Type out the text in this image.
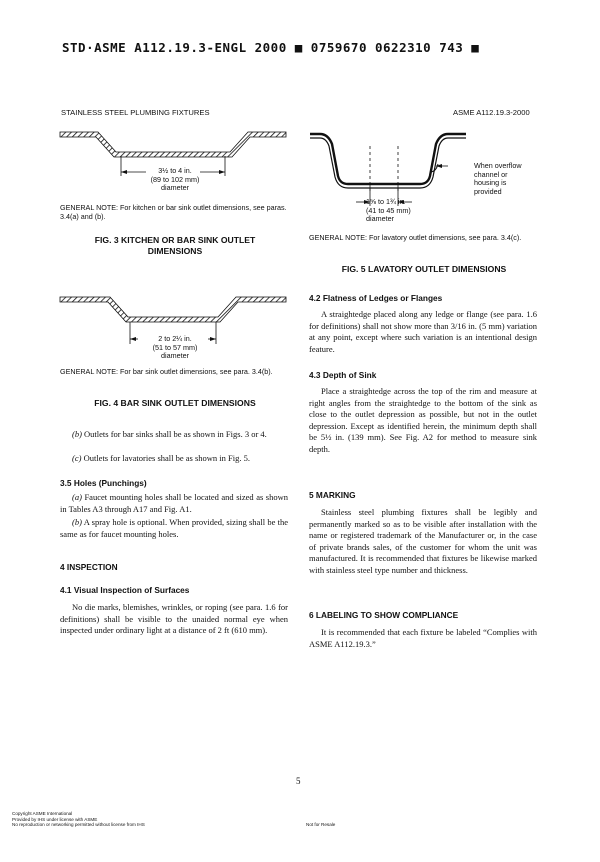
STD·ASME A112.19.3-ENGL 2000 ■ 0759670 0622310 743 ■
STAINLESS STEEL PLUMBING FIXTURES	ASME A112.19.3-2000
3½ to 4 in.
(89 to 102 mm)
diameter
GENERAL NOTE: For kitchen or bar sink outlet dimensions, see paras. 3.4(a) and (b).
FIG. 3 KITCHEN OR BAR SINK OUTLET
DIMENSIONS
2 to 2¼ in.
(51 to 57 mm)
diameter
GENERAL NOTE: For bar sink outlet dimensions, see para. 3.4(b).
FIG. 4 BAR SINK OUTLET DIMENSIONS
(b) Outlets for bar sinks shall be as shown in Figs. 3 or 4.
(c) Outlets for lavatories shall be as shown in Fig. 5.
3.5 Holes (Punchings)
(a) Faucet mounting holes shall be located and sized as shown in Tables A3 through A17 and Fig. A1.
(b) A spray hole is optional. When provided, sizing shall be the same as for faucet mounting holes.
4 INSPECTION
4.1 Visual Inspection of Surfaces
No die marks, blemishes, wrinkles, or roping (see para. 1.6 for definitions) shall be visible to the unaided normal eye when inspected under ordinary light at a distance of 2 ft (610 mm).
1⅝ to 1¾ in.
(41 to 45 mm)
diameter
When overflow
channel or
housing is
provided
GENERAL NOTE: For lavatory outlet dimensions, see para. 3.4(c).
FIG. 5 LAVATORY OUTLET DIMENSIONS
4.2 Flatness of Ledges or Flanges
A straightedge placed along any ledge or flange (see para. 1.6 for definitions) shall not show more than 3/16 in. (5 mm) variation at any point, except where such variation is an intentional design feature.
4.3 Depth of Sink
Place a straightedge across the top of the rim and measure at right angles from the straightedge to the bottom of the sink as close to the outlet depression as possible, but not in the outlet depression. Except as identified herein, the minimum depth shall be 5½ in. (139 mm). See Fig. A2 for method to measure sink depth.
5 MARKING
Stainless steel plumbing fixtures shall be legibly and permanently marked so as to be visible after installation with the name or registered trademark of the Manufacturer or, in the case of private brands sales, of the customer for whom the unit was manufactured. It is recommended that fixtures be likewise marked with stainless steel type number and thickness.
6 LABELING TO SHOW COMPLIANCE
It is recommended that each fixture be labeled “Complies with ASME A112.19.3.”
5
Copyright ASME International
Provided by IHS under license with ASME
No reproduction or networking permitted without license from IHS	Not for Resale
